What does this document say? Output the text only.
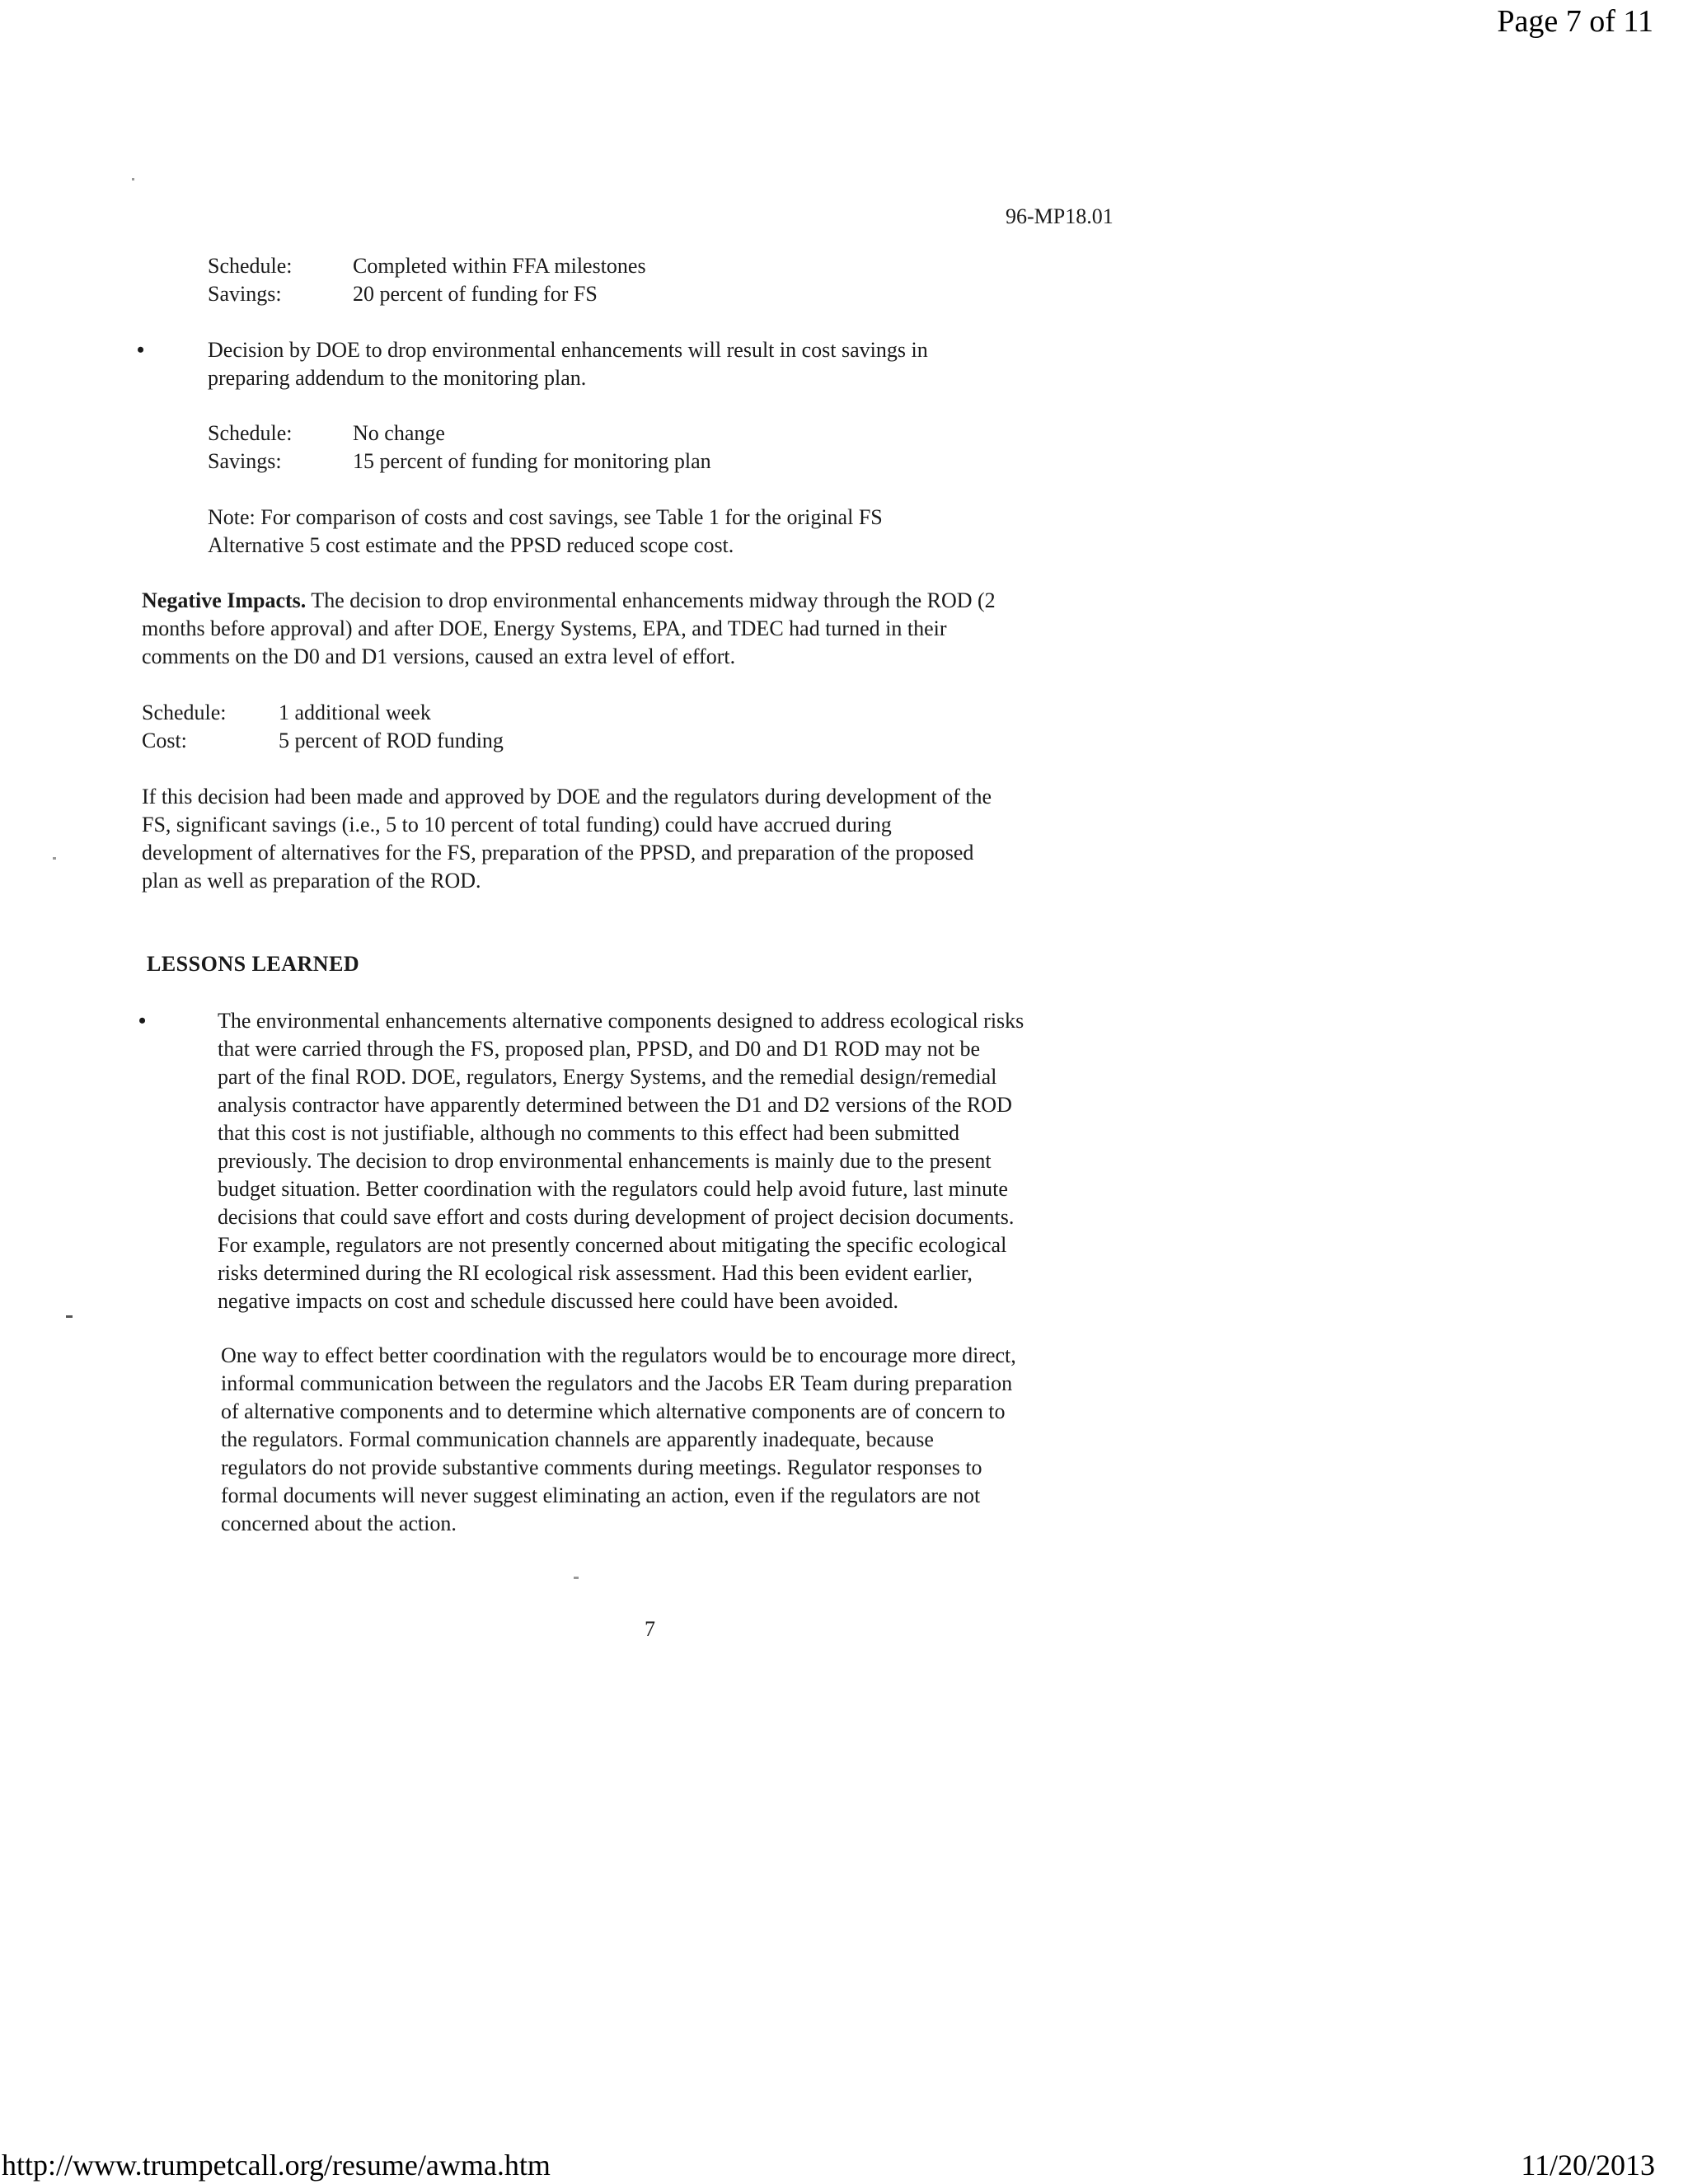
Page 7 of 11
96-MP18.01
Schedule:	Completed within FFA milestones
Savings:	20 percent of funding for FS
•	Decision by DOE to drop environmental enhancements will result in cost savings in
preparing addendum to the monitoring plan.
Schedule:	No change
Savings:	15 percent of funding for monitoring plan
Note: For comparison of costs and cost savings, see Table 1 for the original FS
Alternative 5 cost estimate and the PPSD reduced scope cost.
Negative Impacts. The decision to drop environmental enhancements midway through the ROD (2
months before approval) and after DOE, Energy Systems, EPA, and TDEC had turned in their
comments on the D0 and D1 versions, caused an extra level of effort.
Schedule:	1 additional week
Cost:	5 percent of ROD funding
If this decision had been made and approved by DOE and the regulators during development of the
FS, significant savings (i.e., 5 to 10 percent of total funding) could have accrued during
development of alternatives for the FS, preparation of the PPSD, and preparation of the proposed
plan as well as preparation of the ROD.
LESSONS LEARNED
•	The environmental enhancements alternative components designed to address ecological risks
that were carried through the FS, proposed plan, PPSD, and D0 and D1 ROD may not be
part of the final ROD. DOE, regulators, Energy Systems, and the remedial design/remedial
analysis contractor have apparently determined between the D1 and D2 versions of the ROD
that this cost is not justifiable, although no comments to this effect had been submitted
previously. The decision to drop environmental enhancements is mainly due to the present
budget situation. Better coordination with the regulators could help avoid future, last minute
decisions that could save effort and costs during development of project decision documents.
For example, regulators are not presently concerned about mitigating the specific ecological
risks determined during the RI ecological risk assessment. Had this been evident earlier,
negative impacts on cost and schedule discussed here could have been avoided.
One way to effect better coordination with the regulators would be to encourage more direct,
informal communication between the regulators and the Jacobs ER Team during preparation
of alternative components and to determine which alternative components are of concern to
the regulators. Formal communication channels are apparently inadequate, because
regulators do not provide substantive comments during meetings. Regulator responses to
formal documents will never suggest eliminating an action, even if the regulators are not
concerned about the action.
7
http://www.trumpetcall.org/resume/awma.htm	11/20/2013
